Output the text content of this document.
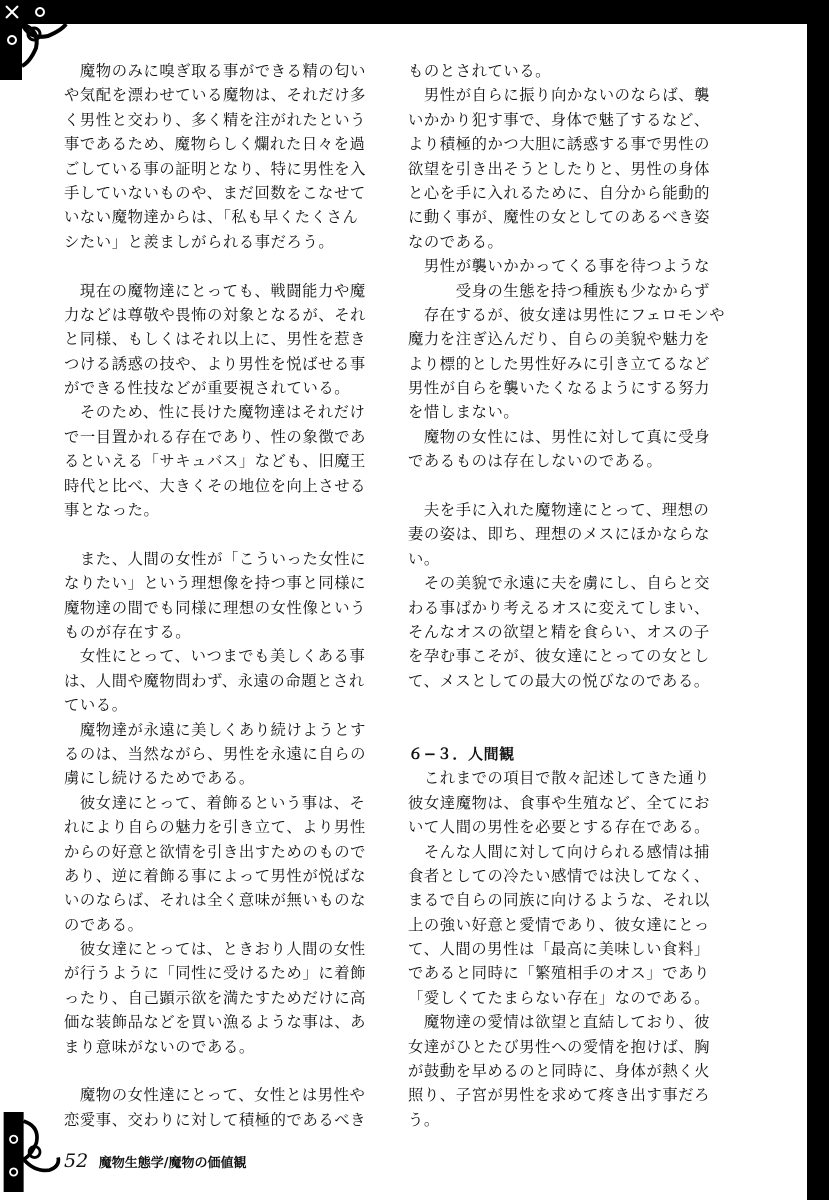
　魔物のみに嗅ぎ取る事ができる精の匂い
や気配を漂わせている魔物は、それだけ多
く男性と交わり、多く精を注がれたという
事であるため、魔物らしく爛れた日々を過
ごしている事の証明となり、特に男性を入
手していないものや、まだ回数をこなせて
いない魔物達からは、「私も早くたくさん
シたい」と羨ましがられる事だろう。
　現在の魔物達にとっても、戦闘能力や魔
力などは尊敬や畏怖の対象となるが、それ
と同様、もしくはそれ以上に、男性を惹き
つける誘惑の技や、より男性を悦ばせる事
ができる性技などが重要視されている。
　そのため、性に長けた魔物達はそれだけ
で一目置かれる存在であり、性の象徴であ
るといえる「サキュバス」なども、旧魔王
時代と比べ、大きくその地位を向上させる
事となった。
　また、人間の女性が「こういった女性に
なりたい」という理想像を持つ事と同様に
魔物達の間でも同様に理想の女性像という
ものが存在する。
　女性にとって、いつまでも美しくある事
は、人間や魔物問わず、永遠の命題とされ
ている。
　魔物達が永遠に美しくあり続けようとす
るのは、当然ながら、男性を永遠に自らの
虜にし続けるためである。
　彼女達にとって、着飾るという事は、そ
れにより自らの魅力を引き立て、より男性
からの好意と欲情を引き出すためのもので
あり、逆に着飾る事によって男性が悦ばな
いのならば、それは全く意味が無いものな
のである。
　彼女達にとっては、ときおり人間の女性
が行うように「同性に受けるため」に着飾
ったり、自己顕示欲を満たすためだけに高
価な装飾品などを買い漁るような事は、あ
まり意味がないのである。
　魔物の女性達にとって、女性とは男性や
恋愛事、交わりに対して積極的であるべき
ものとされている。
　男性が自らに振り向かないのならば、襲
いかかり犯す事で、身体で魅了するなど、
より積極的かつ大胆に誘惑する事で男性の
欲望を引き出そうとしたりと、男性の身体
と心を手に入れるために、自分から能動的
に動く事が、魔性の女としてのあるべき姿
なのである。
　男性が襲いかかってくる事を待つような
　　　受身の生態を持つ種族も少なからず
　存在するが、彼女達は男性にフェロモンや
魔力を注ぎ込んだり、自らの美貌や魅力を
より標的とした男性好みに引き立てるなど
男性が自らを襲いたくなるようにする努力
を惜しまない。
　魔物の女性には、男性に対して真に受身
であるものは存在しないのである。
　夫を手に入れた魔物達にとって、理想の
妻の姿は、即ち、理想のメスにほかならな
い。
　その美貌で永遠に夫を虜にし、自らと交
わる事ばかり考えるオスに変えてしまい、
そんなオスの欲望と精を食らい、オスの子
を孕む事こそが、彼女達にとっての女とし
て、メスとしての最大の悦びなのである。
６−３．人間観
　これまでの項目で散々記述してきた通り
彼女達魔物は、食事や生殖など、全てにお
いて人間の男性を必要とする存在である。
　そんな人間に対して向けられる感情は捕
食者としての冷たい感情では決してなく、
まるで自らの同族に向けるような、それ以
上の強い好意と愛情であり、彼女達にとっ
て、人間の男性は「最高に美味しい食料」
であると同時に「繁殖相手のオス」であり
「愛しくてたまらない存在」なのである。
　魔物達の愛情は欲望と直結しており、彼
女達がひとたび男性への愛情を抱けば、胸
が鼓動を早めるのと同時に、身体が熱く火
照り、子宮が男性を求めて疼き出す事だろ
う。
52 魔物生態学/魔物の価値観
